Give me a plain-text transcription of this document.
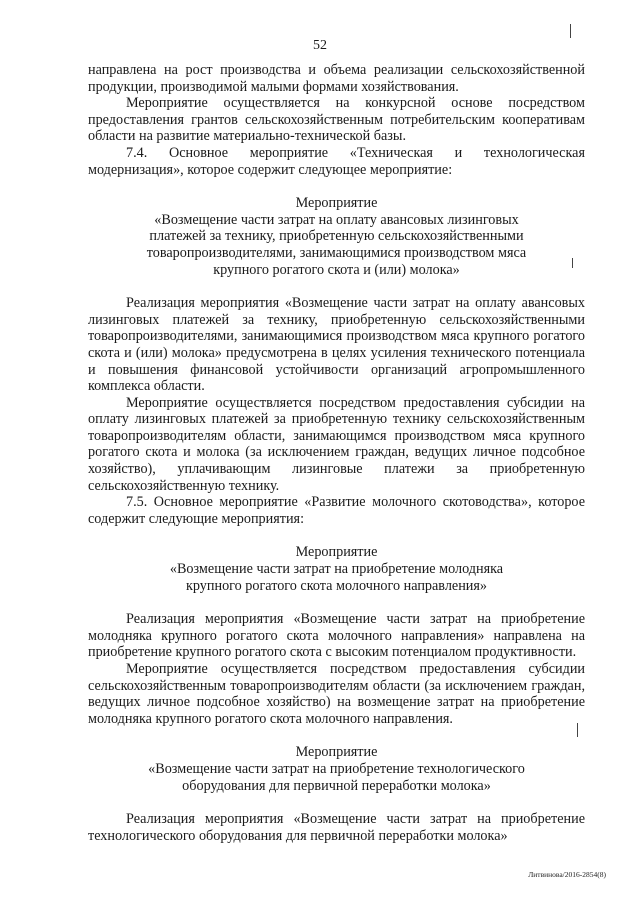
52

направлена на рост производства и объема реализации сельскохозяйственной продукции, производимой малыми формами хозяйствования.

Мероприятие осуществляется на конкурсной основе посредством предоставления грантов сельскохозяйственным потребительским кооперативам области на развитие материально-технической базы.

7.4. Основное мероприятие «Техническая и технологическая модернизация», которое содержит следующее мероприятие:

Мероприятие

«Возмещение части затрат на оплату авансовых лизинговых платежей за технику, приобретенную сельскохозяйственными товаропроизводителями, занимающимися производством мяса крупного рогатого скота и (или) молока»

Реализация мероприятия «Возмещение части затрат на оплату авансовых лизинговых платежей за технику, приобретенную сельскохозяйственными товаропроизводителями, занимающимися производством мяса крупного рогатого скота и (или) молока» предусмотрена в целях усиления технического потенциала и повышения финансовой устойчивости организаций агропромышленного комплекса области.

Мероприятие осуществляется посредством предоставления субсидии на оплату лизинговых платежей за приобретенную технику сельскохозяйственным товаропроизводителям области, занимающимся производством мяса крупного рогатого скота и молока (за исключением граждан, ведущих личное подсобное хозяйство), уплачивающим лизинговые платежи за приобретенную сельскохозяйственную технику.

7.5. Основное мероприятие «Развитие молочного скотоводства», которое содержит следующие мероприятия:

Мероприятие

«Возмещение части затрат на приобретение молодняка крупного рогатого скота молочного направления»

Реализация мероприятия «Возмещение части затрат на приобретение молодняка крупного рогатого скота молочного направления» направлена на приобретение крупного рогатого скота с высоким потенциалом продуктивности.

Мероприятие осуществляется посредством предоставления субсидии сельскохозяйственным товаропроизводителям области (за исключением граждан, ведущих личное подсобное хозяйство) на возмещение затрат на приобретение молодняка крупного рогатого скота молочного направления.

Мероприятие

«Возмещение части затрат на приобретение технологического оборудования для первичной переработки молока»

Реализация мероприятия «Возмещение части затрат на приобретение технологического оборудования для первичной переработки молока»

Литвинова/2016-2854(8)
